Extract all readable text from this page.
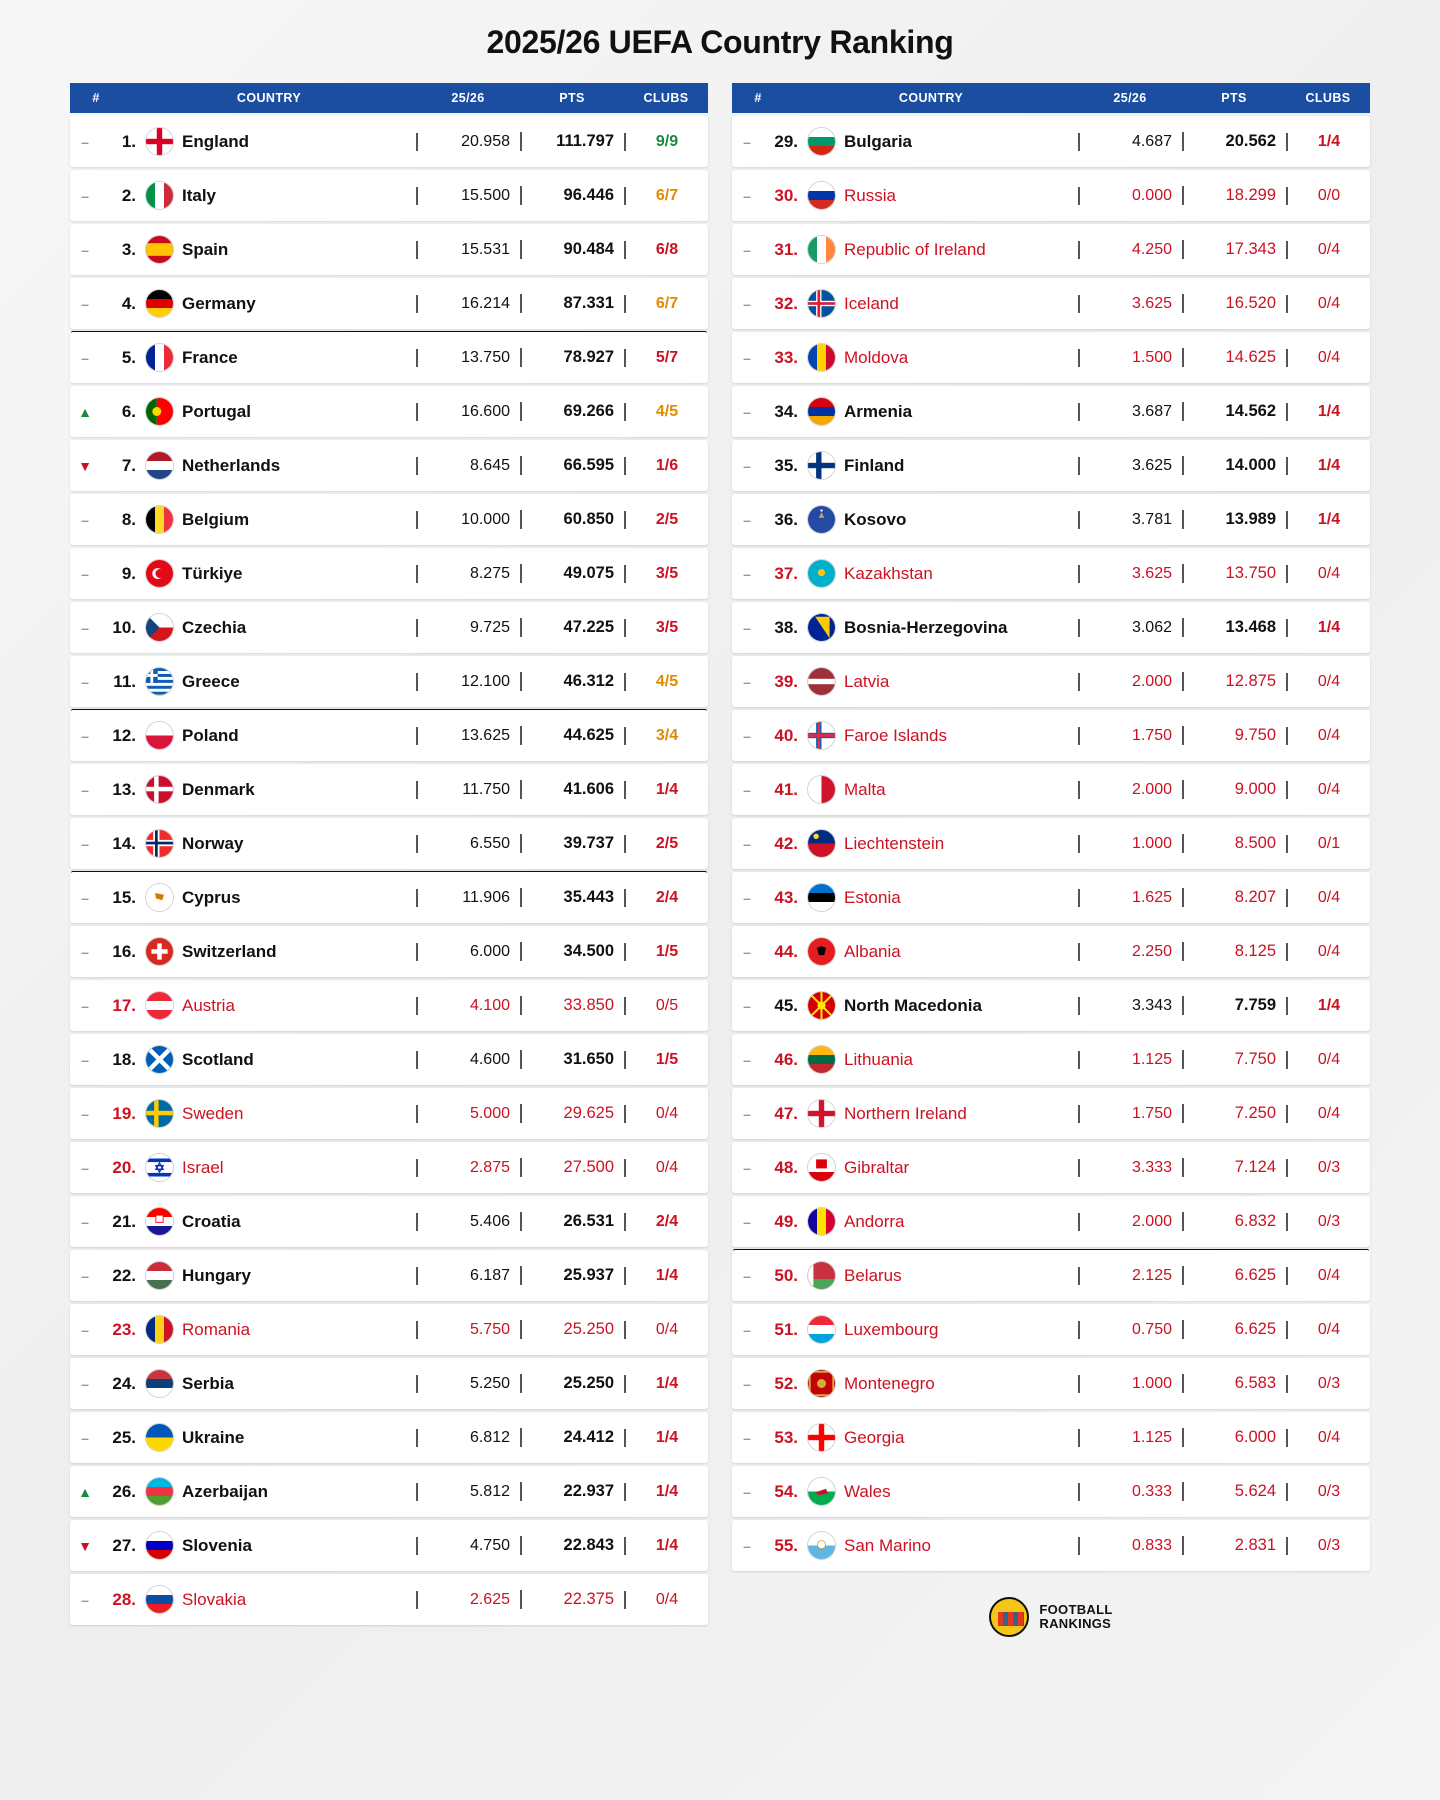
2025/26 UEFA Country Ranking
#	COUNTRY	25/26	PTS	CLUBS
–	1.	England	20.958	111.797	9/9
–	2.	Italy	15.500	96.446	6/7
–	3.	Spain	15.531	90.484	6/8
–	4.	Germany	16.214	87.331	6/7
–	5.	France	13.750	78.927	5/7
▲	6.	Portugal	16.600	69.266	4/5
▼	7.	Netherlands	8.645	66.595	1/6
–	8.	Belgium	10.000	60.850	2/5
–	9.	Türkiye	8.275	49.075	3/5
–	10.	Czechia	9.725	47.225	3/5
–	11.	Greece	12.100	46.312	4/5
–	12.	Poland	13.625	44.625	3/4
–	13.	Denmark	11.750	41.606	1/4
–	14.	Norway	6.550	39.737	2/5
–	15.	Cyprus	11.906	35.443	2/4
–	16.	Switzerland	6.000	34.500	1/5
–	17.	Austria	4.100	33.850	0/5
–	18.	Scotland	4.600	31.650	1/5
–	19.	Sweden	5.000	29.625	0/4
–	20.	Israel	2.875	27.500	0/4
–	21.	Croatia	5.406	26.531	2/4
–	22.	Hungary	6.187	25.937	1/4
–	23.	Romania	5.750	25.250	0/4
–	24.	Serbia	5.250	25.250	1/4
–	25.	Ukraine	6.812	24.412	1/4
▲	26.	Azerbaijan	5.812	22.937	1/4
▼	27.	Slovenia	4.750	22.843	1/4
–	28.	Slovakia	2.625	22.375	0/4
#	COUNTRY	25/26	PTS	CLUBS
–	29.	Bulgaria	4.687	20.562	1/4
–	30.	Russia	0.000	18.299	0/0
–	31.	Republic of Ireland	4.250	17.343	0/4
–	32.	Iceland	3.625	16.520	0/4
–	33.	Moldova	1.500	14.625	0/4
–	34.	Armenia	3.687	14.562	1/4
–	35.	Finland	3.625	14.000	1/4
–	36.	Kosovo	3.781	13.989	1/4
–	37.	Kazakhstan	3.625	13.750	0/4
–	38.	Bosnia-Herzegovina	3.062	13.468	1/4
–	39.	Latvia	2.000	12.875	0/4
–	40.	Faroe Islands	1.750	9.750	0/4
–	41.	Malta	2.000	9.000	0/4
–	42.	Liechtenstein	1.000	8.500	0/1
–	43.	Estonia	1.625	8.207	0/4
–	44.	Albania	2.250	8.125	0/4
–	45.	North Macedonia	3.343	7.759	1/4
–	46.	Lithuania	1.125	7.750	0/4
–	47.	Northern Ireland	1.750	7.250	0/4
–	48.	Gibraltar	3.333	7.124	0/3
–	49.	Andorra	2.000	6.832	0/3
–	50.	Belarus	2.125	6.625	0/4
–	51.	Luxembourg	0.750	6.625	0/4
–	52.	Montenegro	1.000	6.583	0/3
–	53.	Georgia	1.125	6.000	0/4
–	54.	Wales	0.333	5.624	0/3
–	55.	San Marino	0.833	2.831	0/3
FOOTBALL
RANKINGS
